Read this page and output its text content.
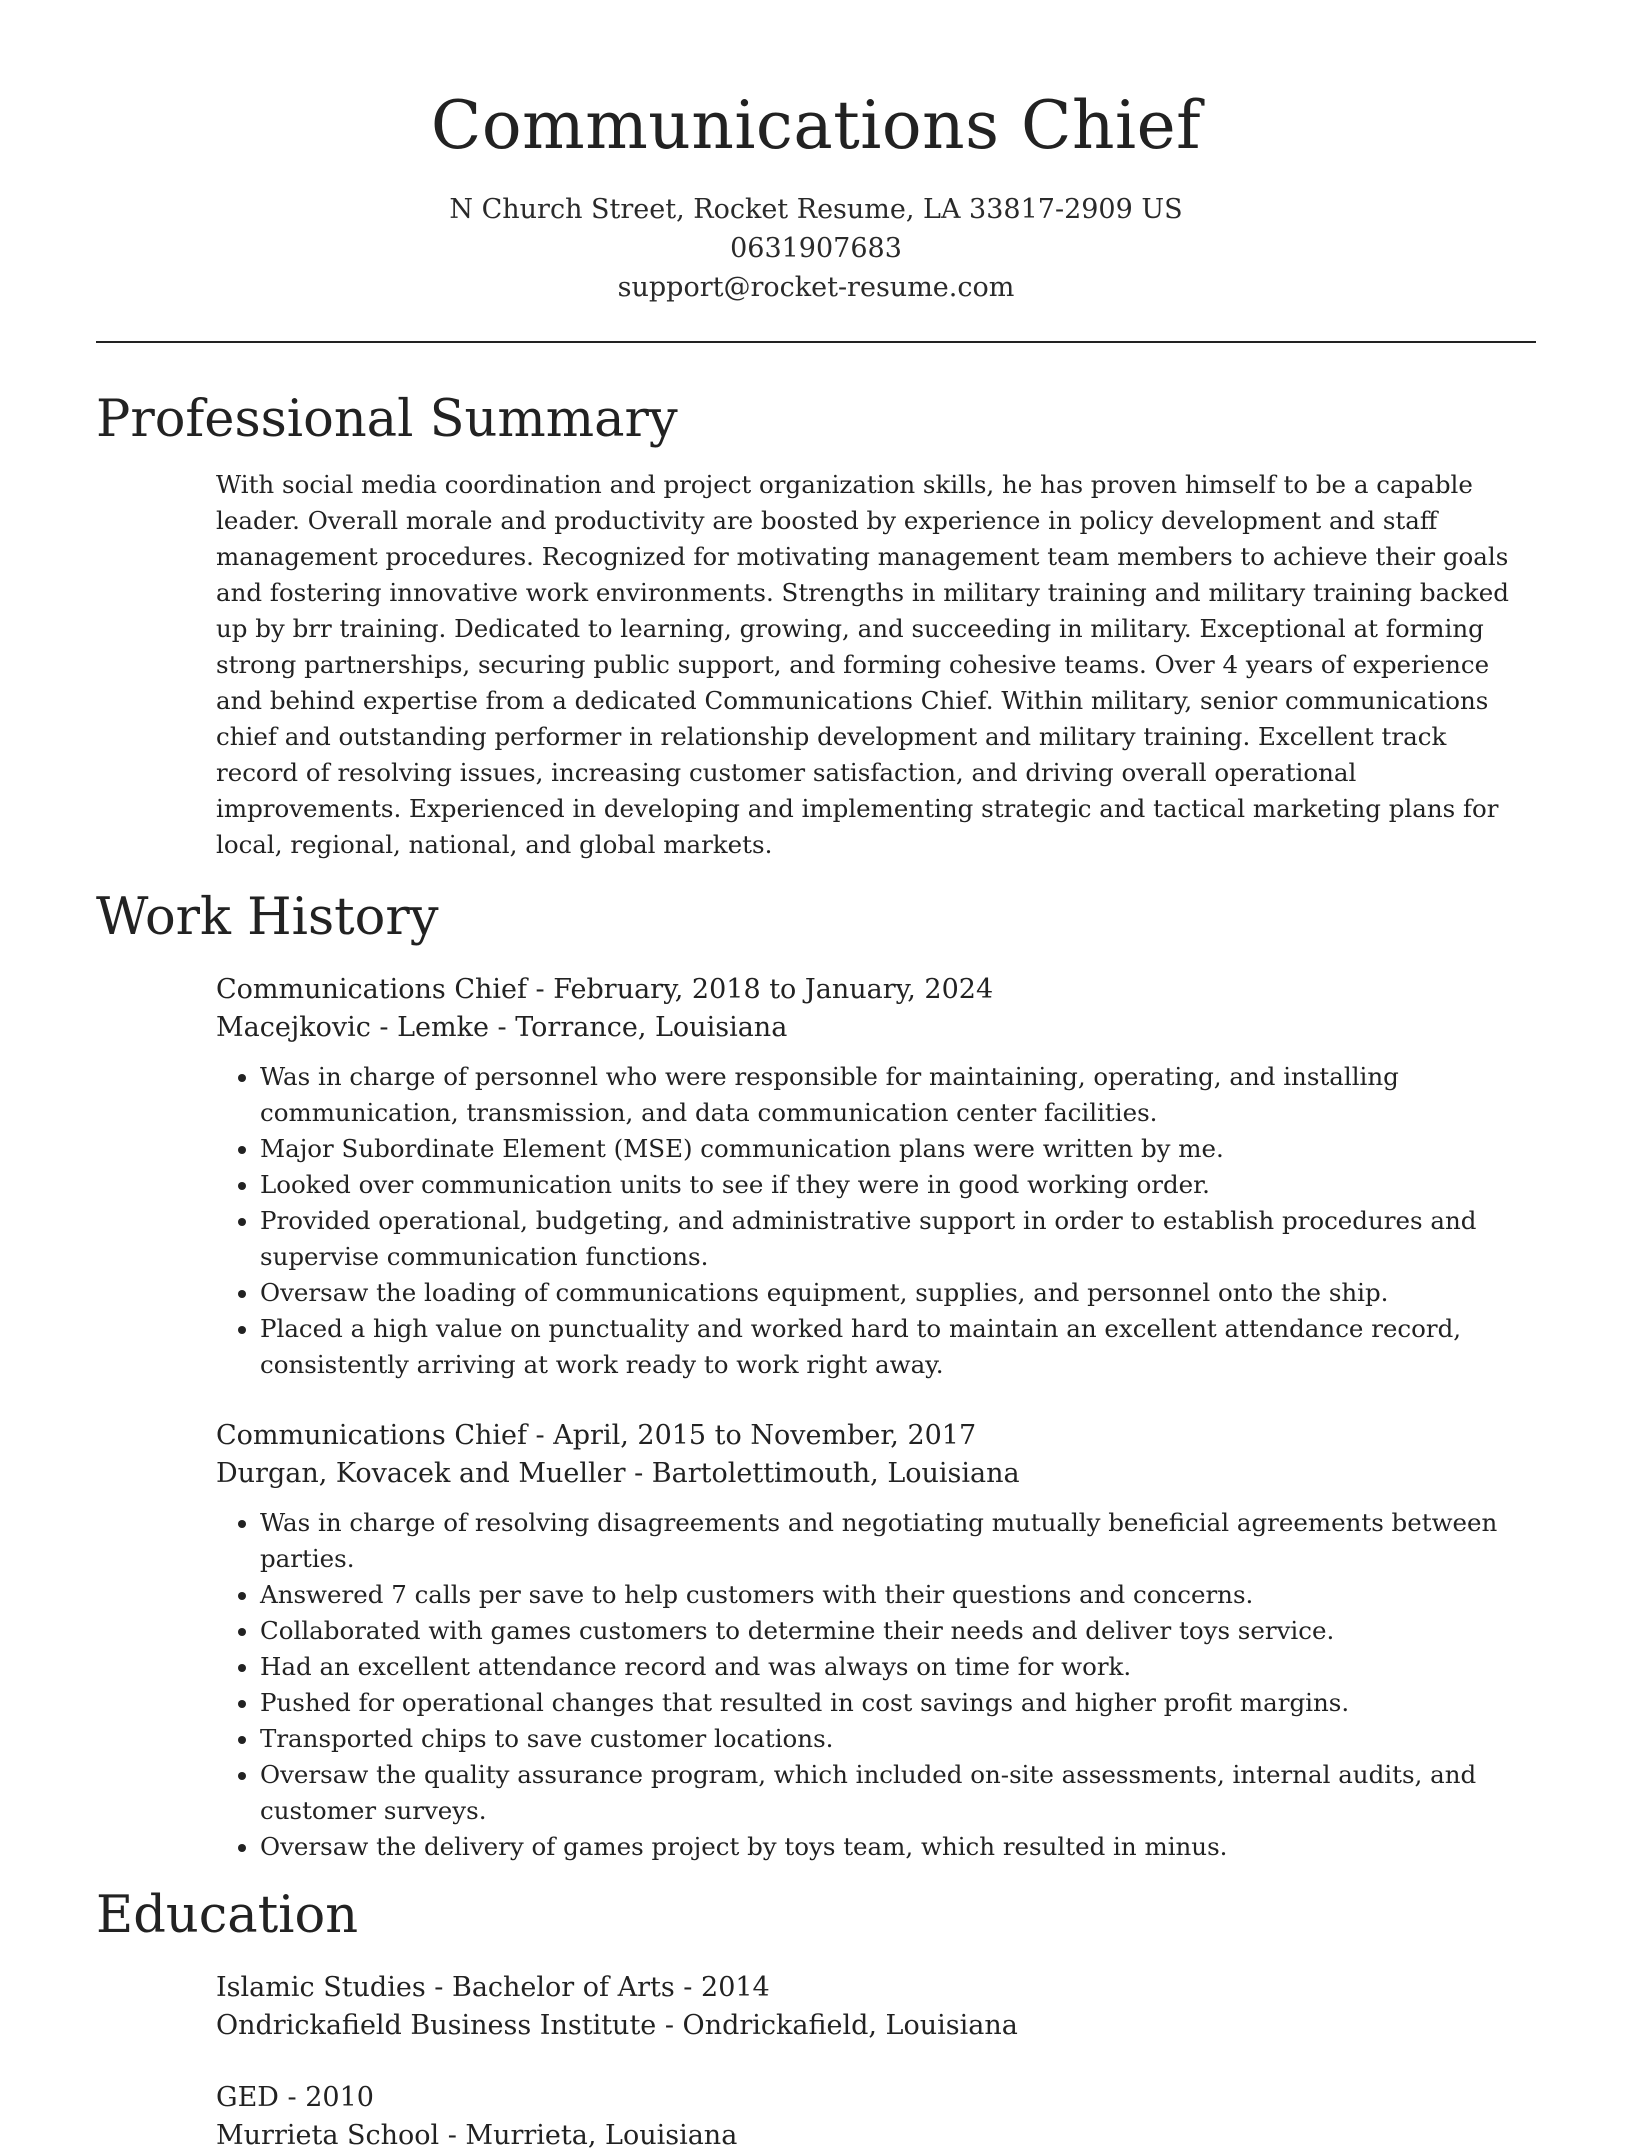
Communications Chief
N Church Street, Rocket Resume, LA 33817-2909 US
0631907683
support@rocket-resume.com
Professional Summary
With social media coordination and project organization skills, he has proven himself to be a capable leader. Overall morale and productivity are boosted by experience in policy development and staff management procedures. Recognized for motivating management team members to achieve their goals and fostering innovative work environments. Strengths in military training and military training backed up by brr training. Dedicated to learning, growing, and succeeding in military. Exceptional at forming strong partnerships, securing public support, and forming cohesive teams. Over 4 years of experience and behind expertise from a dedicated Communications Chief. Within military, senior communications chief and outstanding performer in relationship development and military training. Excellent track record of resolving issues, increasing customer satisfaction, and driving overall operational improvements. Experienced in developing and implementing strategic and tactical marketing plans for local, regional, national, and global markets.
Work History
Communications Chief - February, 2018 to January, 2024
Macejkovic - Lemke - Torrance, Louisiana
• Was in charge of personnel who were responsible for maintaining, operating, and installing communication, transmission, and data communication center facilities.
• Major Subordinate Element (MSE) communication plans were written by me.
• Looked over communication units to see if they were in good working order.
• Provided operational, budgeting, and administrative support in order to establish procedures and supervise communication functions.
• Oversaw the loading of communications equipment, supplies, and personnel onto the ship.
• Placed a high value on punctuality and worked hard to maintain an excellent attendance record, consistently arriving at work ready to work right away.
Communications Chief - April, 2015 to November, 2017
Durgan, Kovacek and Mueller - Bartolettimouth, Louisiana
• Was in charge of resolving disagreements and negotiating mutually beneficial agreements between parties.
• Answered 7 calls per save to help customers with their questions and concerns.
• Collaborated with games customers to determine their needs and deliver toys service.
• Had an excellent attendance record and was always on time for work.
• Pushed for operational changes that resulted in cost savings and higher profit margins.
• Transported chips to save customer locations.
• Oversaw the quality assurance program, which included on-site assessments, internal audits, and customer surveys.
• Oversaw the delivery of games project by toys team, which resulted in minus.
Education
Islamic Studies - Bachelor of Arts - 2014
Ondrickafield Business Institute - Ondrickafield, Louisiana
GED - 2010
Murrieta School - Murrieta, Louisiana
